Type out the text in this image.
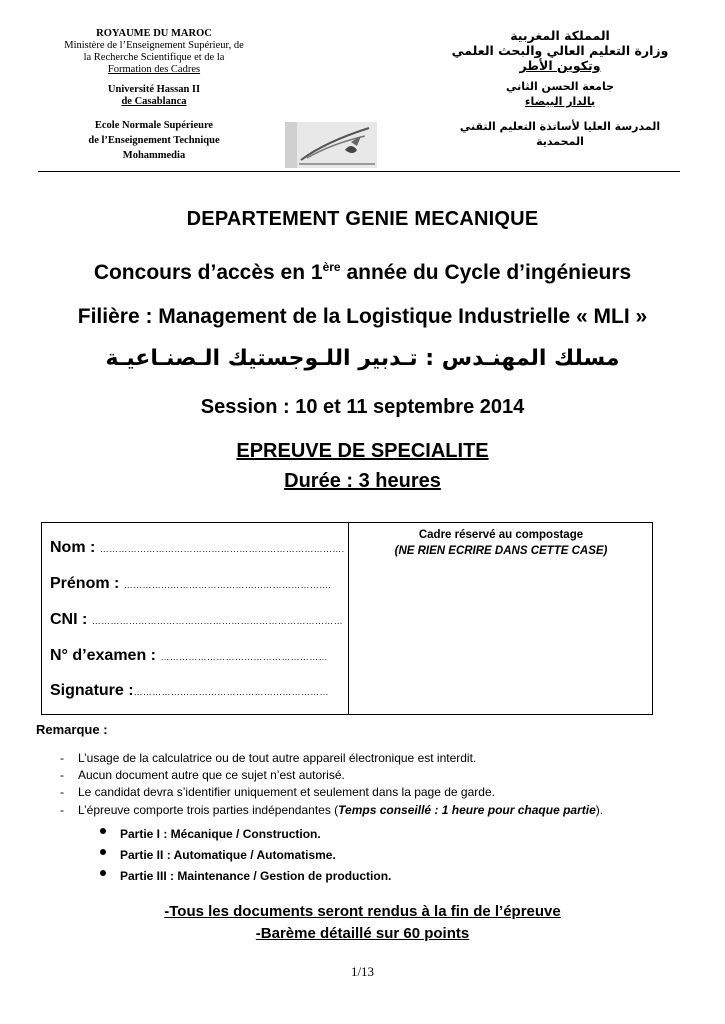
ROYAUME DU MAROC
Ministère de l’Enseignement Supérieur, de
la Recherche Scientifique et de la
Formation des Cadres
Université Hassan II
de Casablanca
Ecole Normale Supérieure
de l’Enseignement Technique
Mohammedia
المملكة المغربية
وزارة التعليم العالي والبحث العلمي
وتكوين الأطر
جامعة الحسن الثاني
بالدار البيضاء
المدرسة العليا لأساتذة التعليم التقني
المحمدية
DEPARTEMENT GENIE MECANIQUE
Concours d’accès en 1ère année du Cycle d’ingénieurs
Filière : Management de la Logistique Industrielle « MLI »
مسلك المهنـدس : تـدبير اللـوجستيك الـصنـاعيـة
Session : 10 et 11 septembre 2014
EPREUVE DE SPECIALITE
Durée : 3 heures
Nom : …………………………………………………………………….
Prénom : ………………………………………………………….
CNI : ………………………………………………………………………
N° d’examen : ………………………………………………
Signature :………………………………………………………
Cadre réservé au compostage
(NE RIEN ECRIRE DANS CETTE CASE)
Remarque :
- L’usage de la calculatrice ou de tout autre appareil électronique est interdit.
- Aucun document autre que ce sujet n’est autorisé.
- Le candidat devra s’identifier uniquement et seulement dans la page de garde.
- L’épreuve comporte trois parties indépendantes (Temps conseillé : 1 heure pour chaque partie).
Partie I : Mécanique / Construction.
Partie II : Automatique / Automatisme.
Partie III : Maintenance / Gestion de production.
-Tous les documents seront rendus à la fin de l’épreuve
-Barème détaillé sur 60 points
1/13
